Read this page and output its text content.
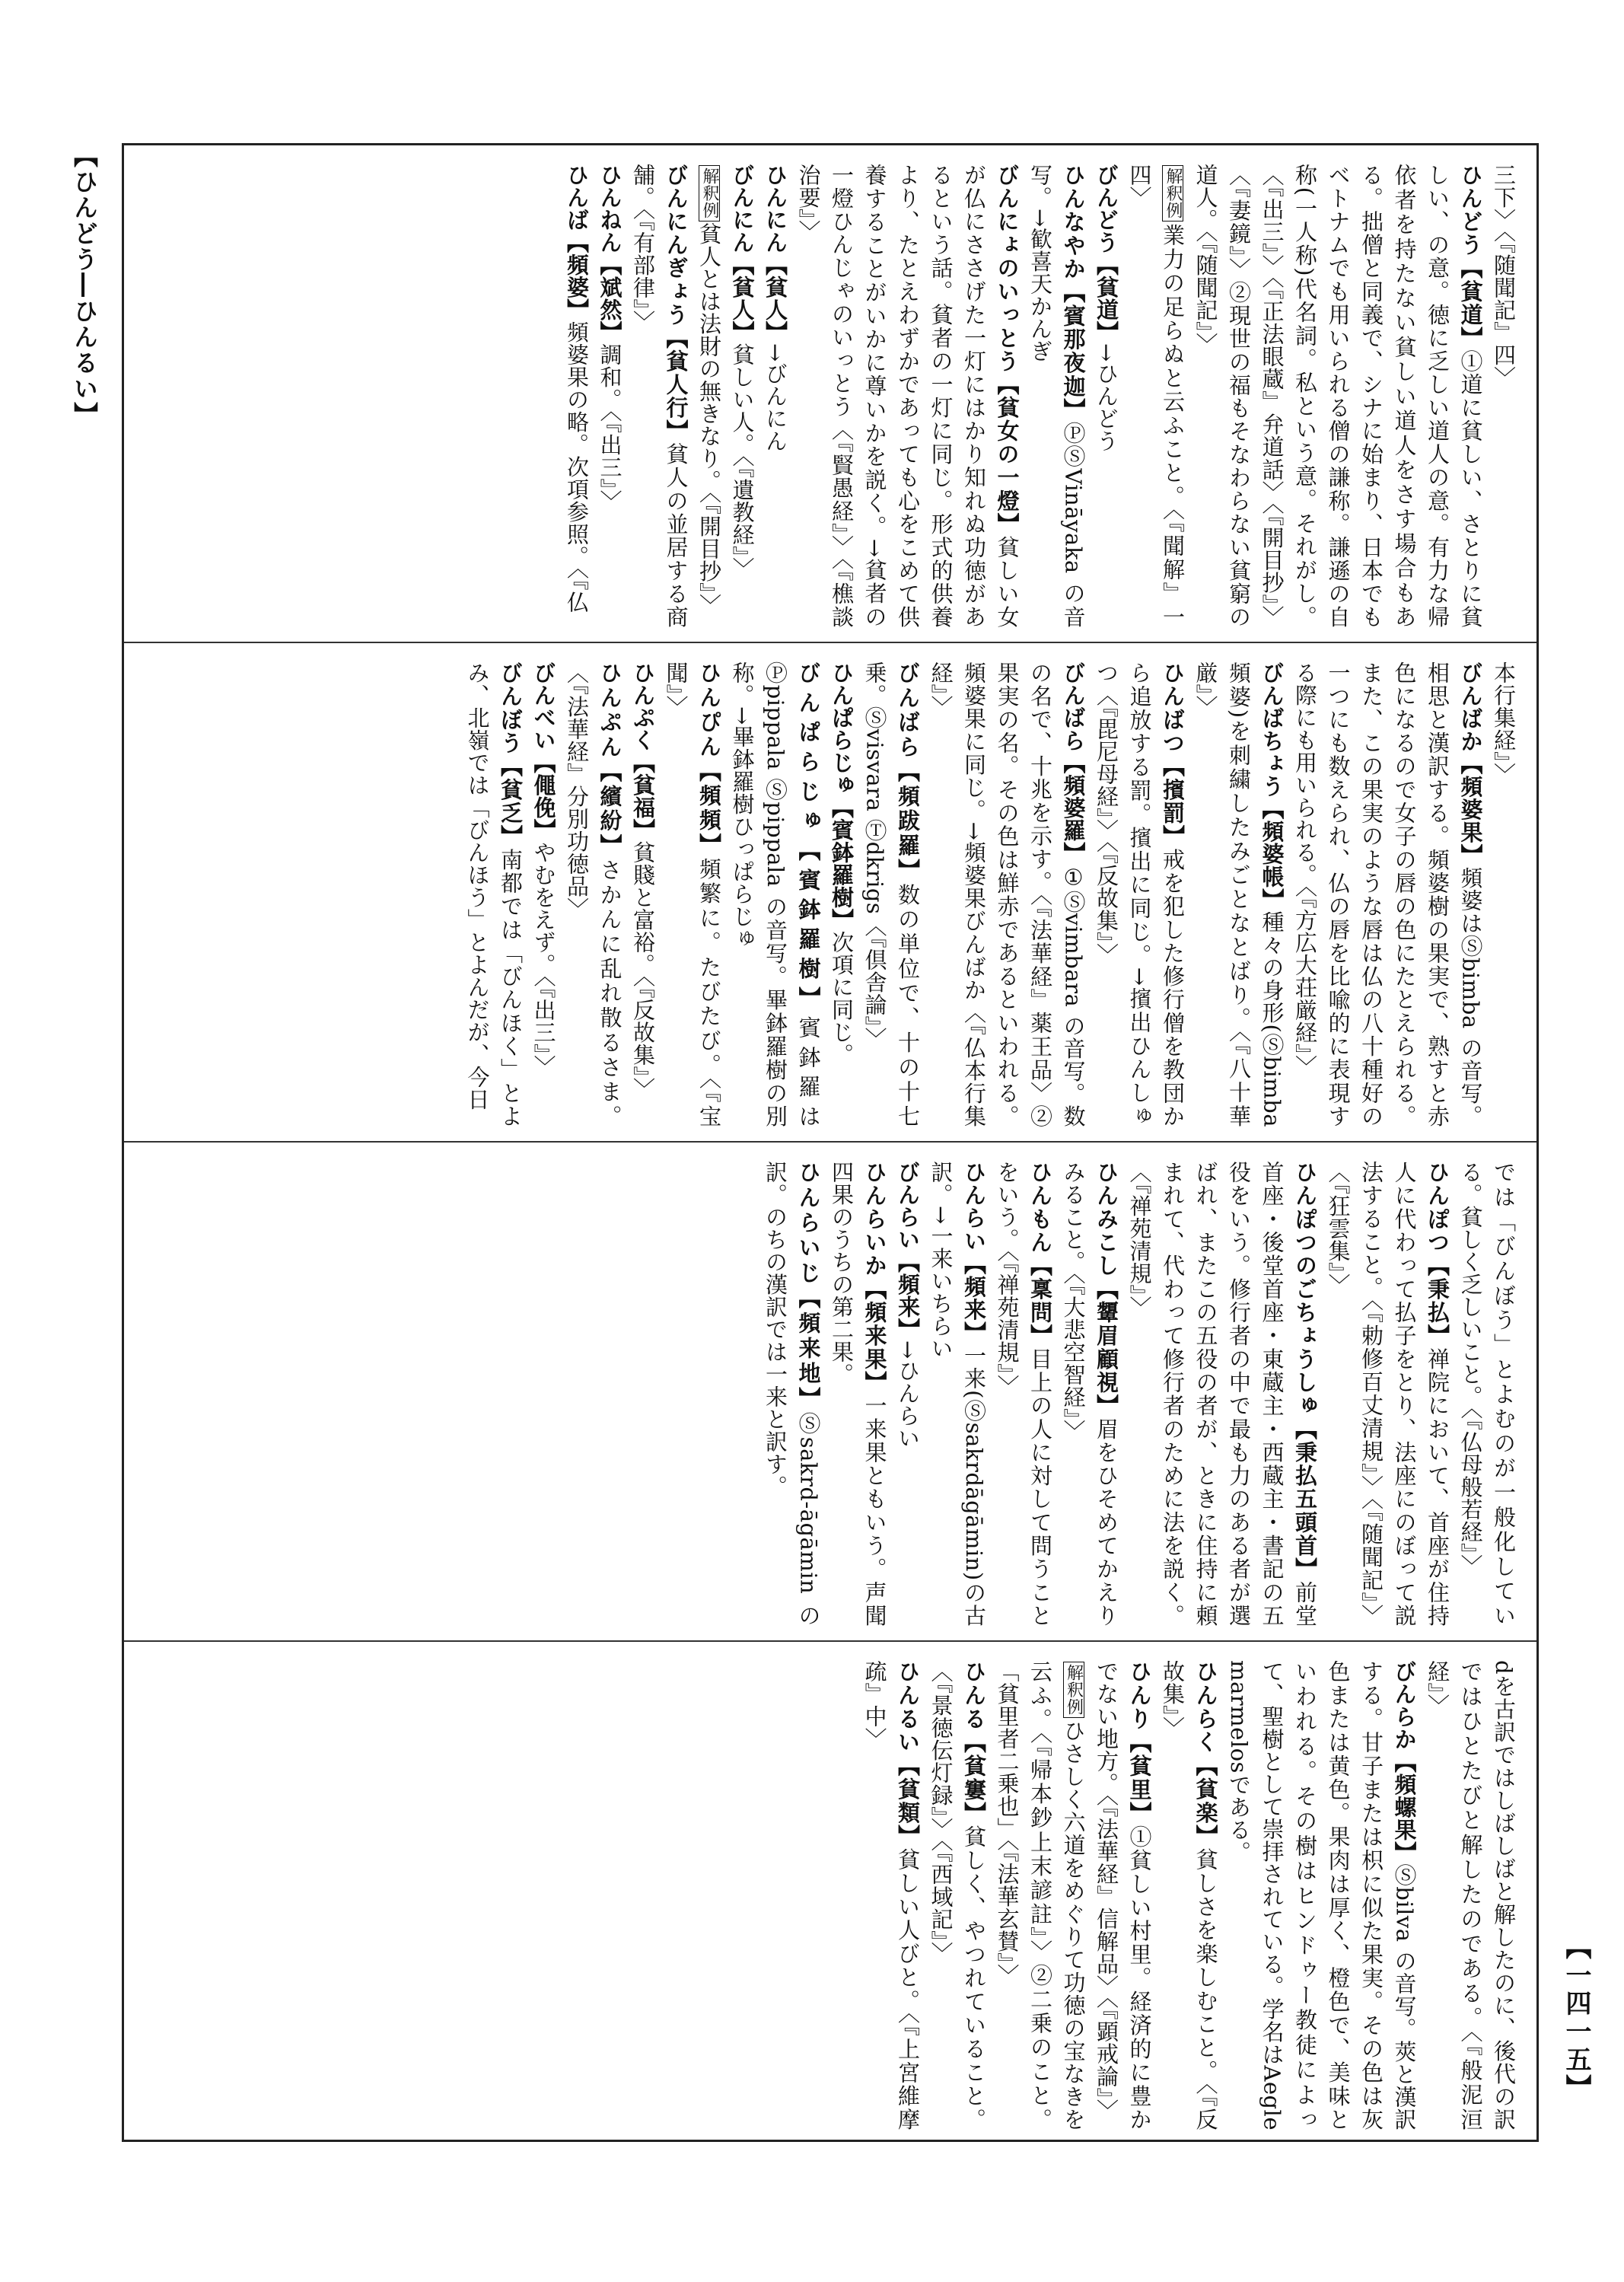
【ひんどう―ひんるい】
【一四一五】

三下〉〈『随聞記』四〉

ひんどう【貧道】①道に貧しい、さとりに貧しい、の意。徳に乏しい道人の意。有力な帰依者を持たない貧しい道人をさす場合もある。拙僧と同義で、シナに始まり、日本でもベトナムでも用いられる僧の謙称。謙遜の自称(一人称)代名詞。私という意。それがし。〈『出三』〉〈『正法眼蔵』弁道話〉〈『開目抄』〉〈『妻鏡』〉②現世の福もそなわらない貧窮の道人。〈『随聞記』〉

解釈例業力の足らぬと云ふこと。〈『聞解』一四〉

びんどう【貧道】→ひんどう

ひんなやか【賓那夜迦】ⓅⓈVināyaka の音写。→歓喜天かんぎ

びんにょのいっとう【貧女の一燈】貧しい女が仏にささげた一灯にはかり知れぬ功徳があるという話。貧者の一灯に同じ。形式的供養より、たとえわずかであっても心をこめて供養することがいかに尊いかを説く。→貧者の一燈ひんじゃのいっとう〈『賢愚経』〉〈『樵談治要』〉

ひんにん【貧人】→びんにん

びんにん【貧人】貧しい人。〈『遺教経』〉

解釈例貧人とは法財の無きなり。〈『開目抄』〉

びんにんぎょう【貧人行】貧人の並居する商舗。〈『有部律』〉

ひんねん【斌然】調和。〈『出三』〉

ひんば【頻婆】頻婆果の略。次項参照。〈『仏

本行集経』〉

びんばか【頻婆果】頻婆はⓈbimba の音写。相思と漢訳する。頻婆樹の果実で、熟すと赤色になるので女子の唇の色にたとえられる。また、この果実のような唇は仏の八十種好の一つにも数えられ、仏の唇を比喩的に表現する際にも用いられる。〈『方広大荘厳経』〉

びんばちょう【頻婆帳】種々の身形(Ⓢbimba 頻婆)を刺繍したみごとなとばり。〈『八十華厳』〉

ひんばつ【擯罰】戒を犯した修行僧を教団から追放する罰。擯出に同じ。→擯出ひんしゅつ〈『毘尼母経』〉〈『反故集』〉

びんばら【頻婆羅】①Ⓢvimbara の音写。数の名で、十兆を示す。〈『法華経』薬王品〉②果実の名。その色は鮮赤であるといわれる。頻婆果に同じ。→頻婆果びんばか〈『仏本行集経』〉

びんばら【頻跋羅】数の単位で、十の十七乗。Ⓢvisvara Ⓣdkrigs〈『倶舎論』〉

ひんぱらじゅ【賓鉢羅樹】次項に同じ。

びんぱらじゅ【賓鉢羅樹】賓鉢羅はⓅpippala Ⓢpippala の音写。畢鉢羅樹の別称。→畢鉢羅樹ひっぱらじゅ

ひんぴん【頻頻】頻繁に。たびたび。〈『宝聞』〉

ひんぷく【貧福】貧賤と富裕。〈『反故集』〉

ひんぷん【繽紛】さかんに乱れ散るさま。〈『法華経』分別功徳品〉

びんべい【僶俛】やむをえず。〈『出三』〉

びんぼう【貧乏】南都では「びんほく」とよみ、北嶺では「びんほう」とよんだが、今日

では「びんぼう」とよむのが一般化している。貧しく乏しいこと。〈『仏母般若経』〉

ひんぽつ【秉払】禅院において、首座が住持人に代わって払子をとり、法座にのぼって説法すること。〈『勅修百丈清規』〉〈『随聞記』〉〈『狂雲集』〉

ひんぽつのごちょうしゅ【秉払五頭首】前堂首座・後堂首座・東蔵主・西蔵主・書記の五役をいう。修行者の中で最も力のある者が選ばれ、またこの五役の者が、ときに住持に頼まれて、代わって修行者のために法を説く。〈『禅苑清規』〉

ひんみこし【顰眉顧視】眉をひそめてかえりみること。〈『大悲空智経』〉

ひんもん【稟問】目上の人に対して問うことをいう。〈『禅苑清規』〉

ひんらい【頻来】一来(Ⓢsakrdāgāmin)の古訳。→一来いちらい

びんらい【頻来】→ひんらい

ひんらいか【頻来果】一来果ともいう。声聞四果のうちの第二果。

ひんらいじ【頻来地】Ⓢsakrd-āgāmin の訳。のちの漢訳では一来と訳す。

dを古訳ではしばしばと解したのに、後代の訳ではひとたびと解したのである。〈『般泥洹経』〉

びんらか【頻螺果】Ⓢbilva の音写。莢と漢訳する。甘子または枳に似た果実。その色は灰色または黄色。果肉は厚く、橙色で、美味といわれる。その樹はヒンドゥー教徒によって、聖樹として崇拝されている。学名はAegle marmelosである。

ひんらく【貧楽】貧しさを楽しむこと。〈『反故集』〉

ひんり【貧里】①貧しい村里。経済的に豊かでない地方。〈『法華経』信解品〉〈『顕戒論』〉

解釈例ひさしく六道をめぐりて功徳の宝なきを云ふ。〈『帰本鈔上末諺註』〉②二乗のこと。「貧里者二乗也」〈『法華玄賛』〉

ひんる【貧窶】貧しく、やつれていること。〈『景徳伝灯録』〉〈『西域記』〉

ひんるい【貧類】貧しい人びと。〈『上宮維摩疏』中〉
